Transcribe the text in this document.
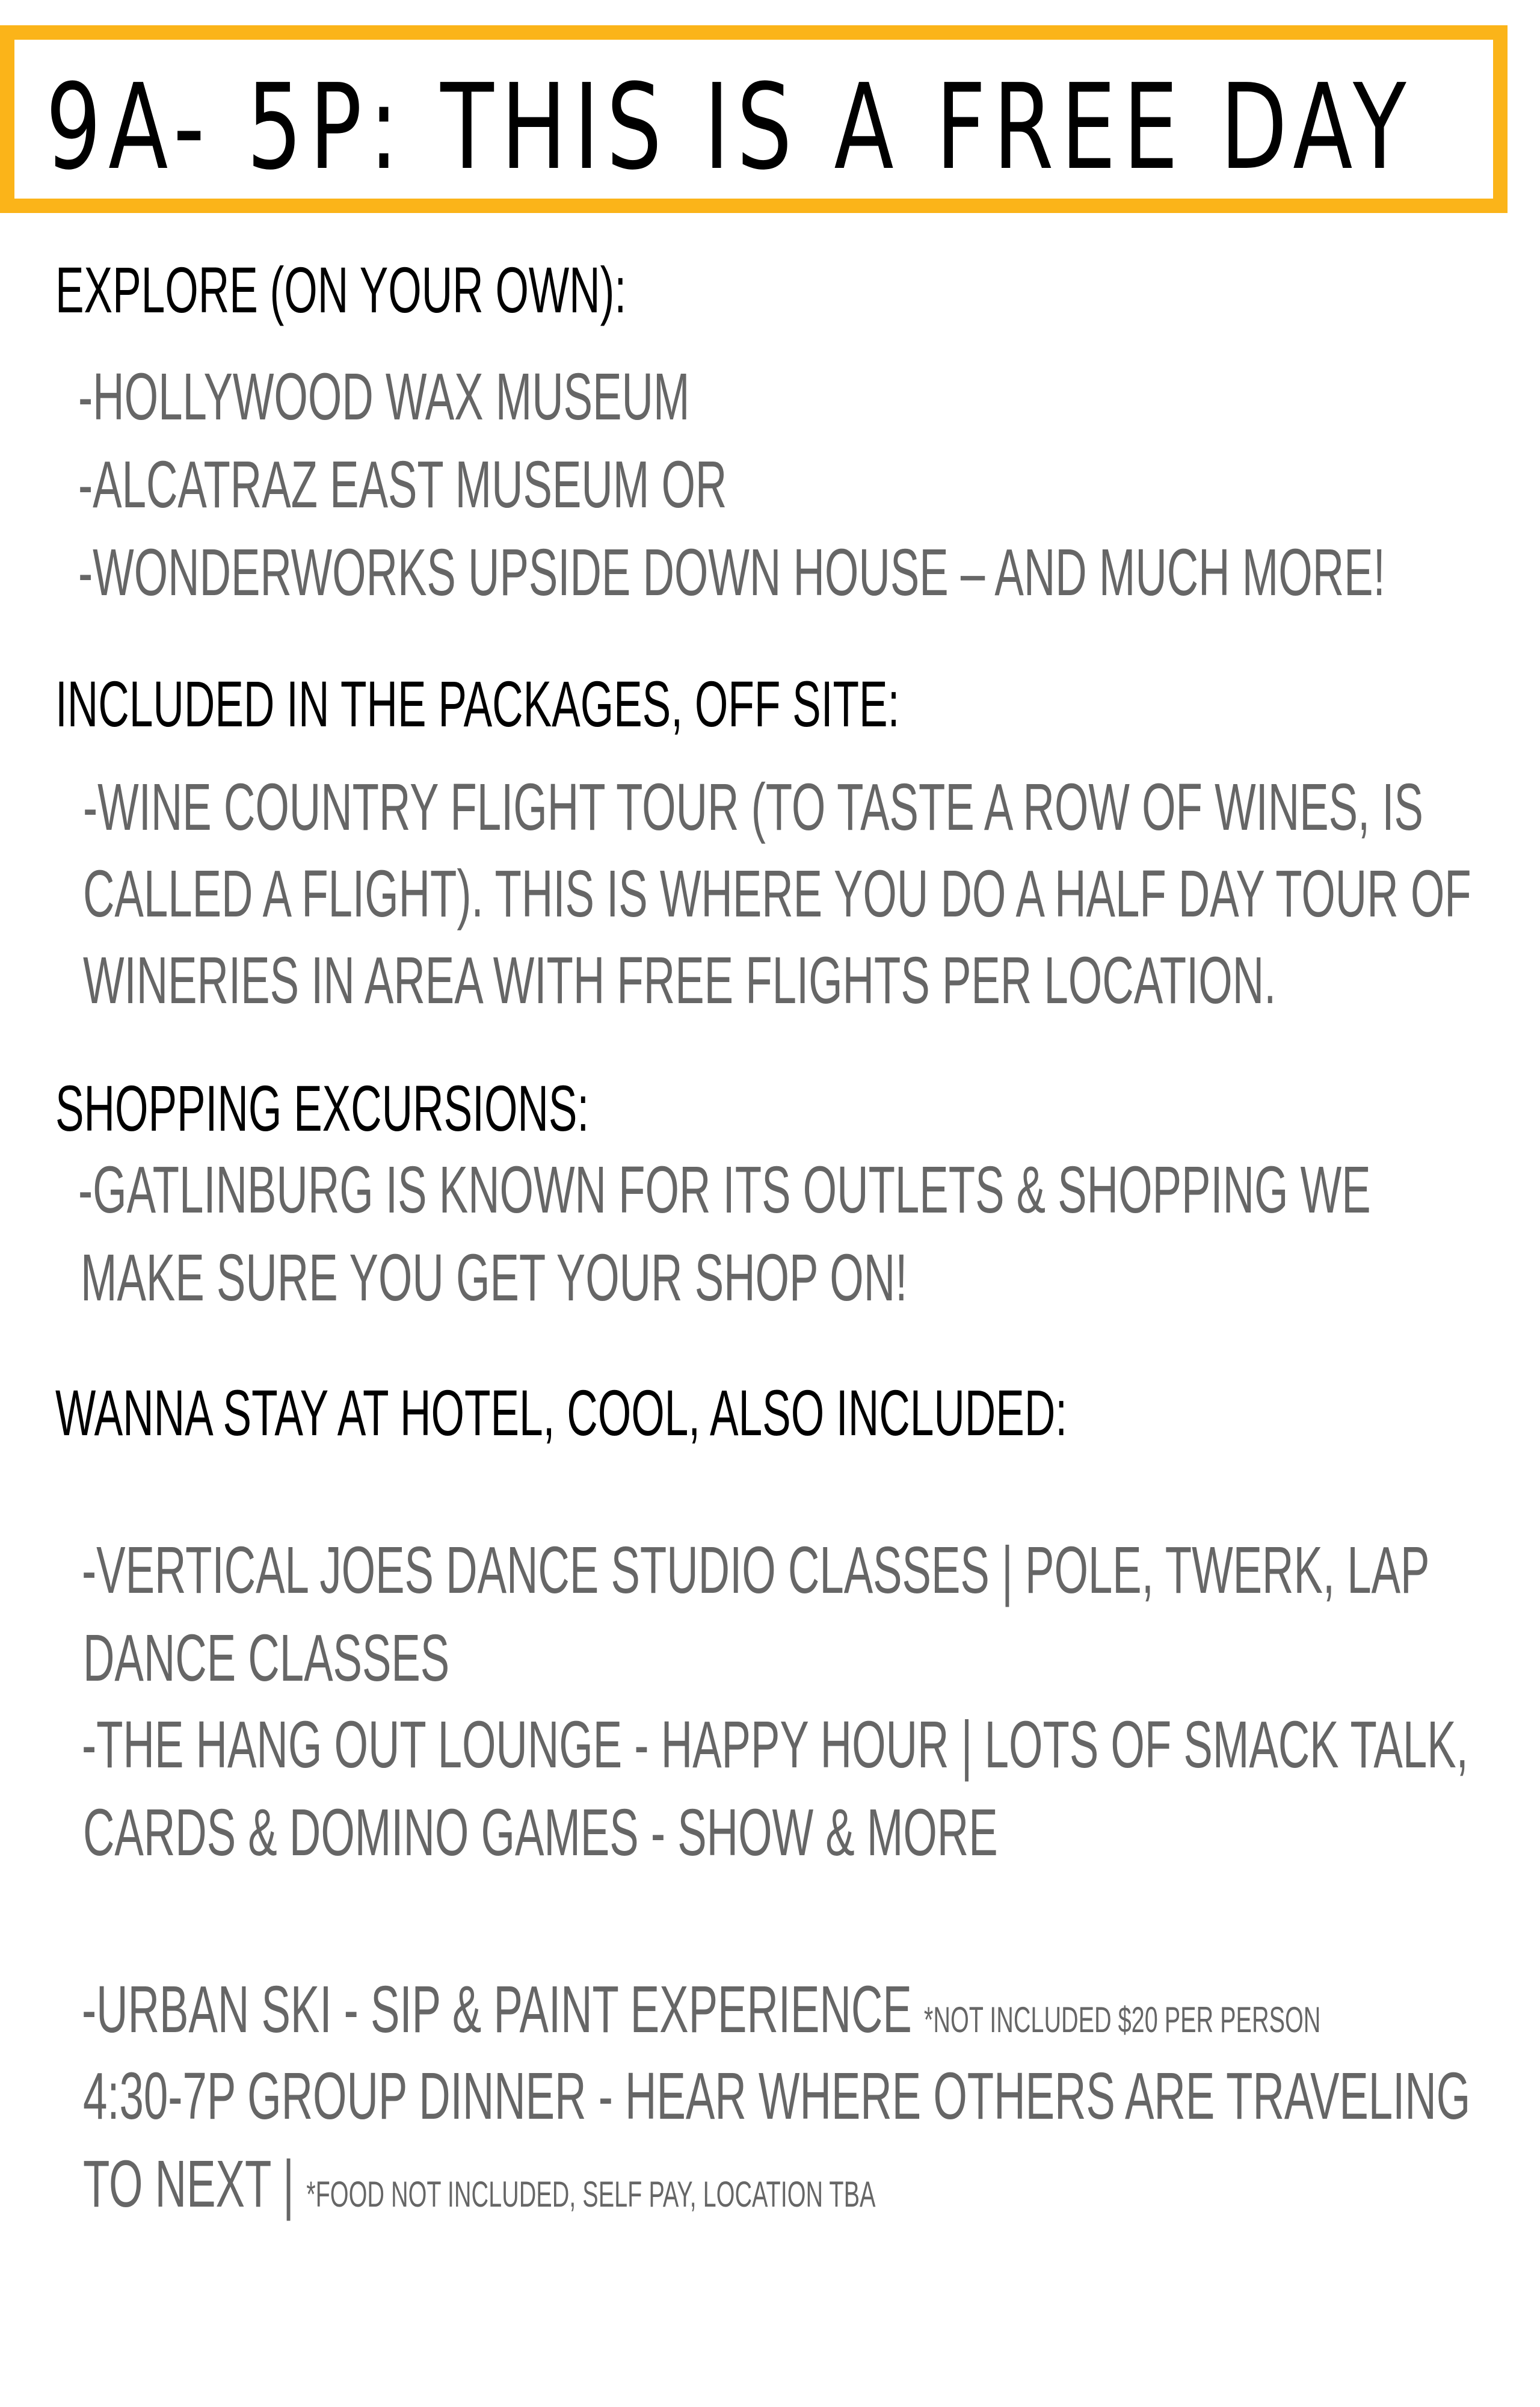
9A- 5P: THIS IS A FREE DAY

EXPLORE (ON YOUR OWN):

-HOLLYWOOD WAX MUSEUM

-ALCATRAZ EAST MUSEUM OR

-WONDERWORKS UPSIDE DOWN HOUSE – AND MUCH MORE!

INCLUDED IN THE PACKAGES, OFF SITE:

-WINE COUNTRY FLIGHT TOUR (TO TASTE A ROW OF WINES, IS

CALLED A FLIGHT). THIS IS WHERE YOU DO A HALF DAY TOUR OF

WINERIES IN AREA WITH FREE FLIGHTS PER LOCATION.

SHOPPING EXCURSIONS:

-GATLINBURG IS KNOWN FOR ITS OUTLETS & SHOPPING WE

MAKE SURE YOU GET YOUR SHOP ON!

WANNA STAY AT HOTEL, COOL, ALSO INCLUDED:

-VERTICAL JOES DANCE STUDIO CLASSES | POLE, TWERK, LAP

DANCE CLASSES

-THE HANG OUT LOUNGE - HAPPY HOUR | LOTS OF SMACK TALK,

CARDS & DOMINO GAMES - SHOW & MORE

-URBAN SKI - SIP & PAINT EXPERIENCE *NOT INCLUDED $20 PER PERSON

4:30-7P GROUP DINNER - HEAR WHERE OTHERS ARE TRAVELING

TO NEXT | *FOOD NOT INCLUDED, SELF PAY, LOCATION TBA
